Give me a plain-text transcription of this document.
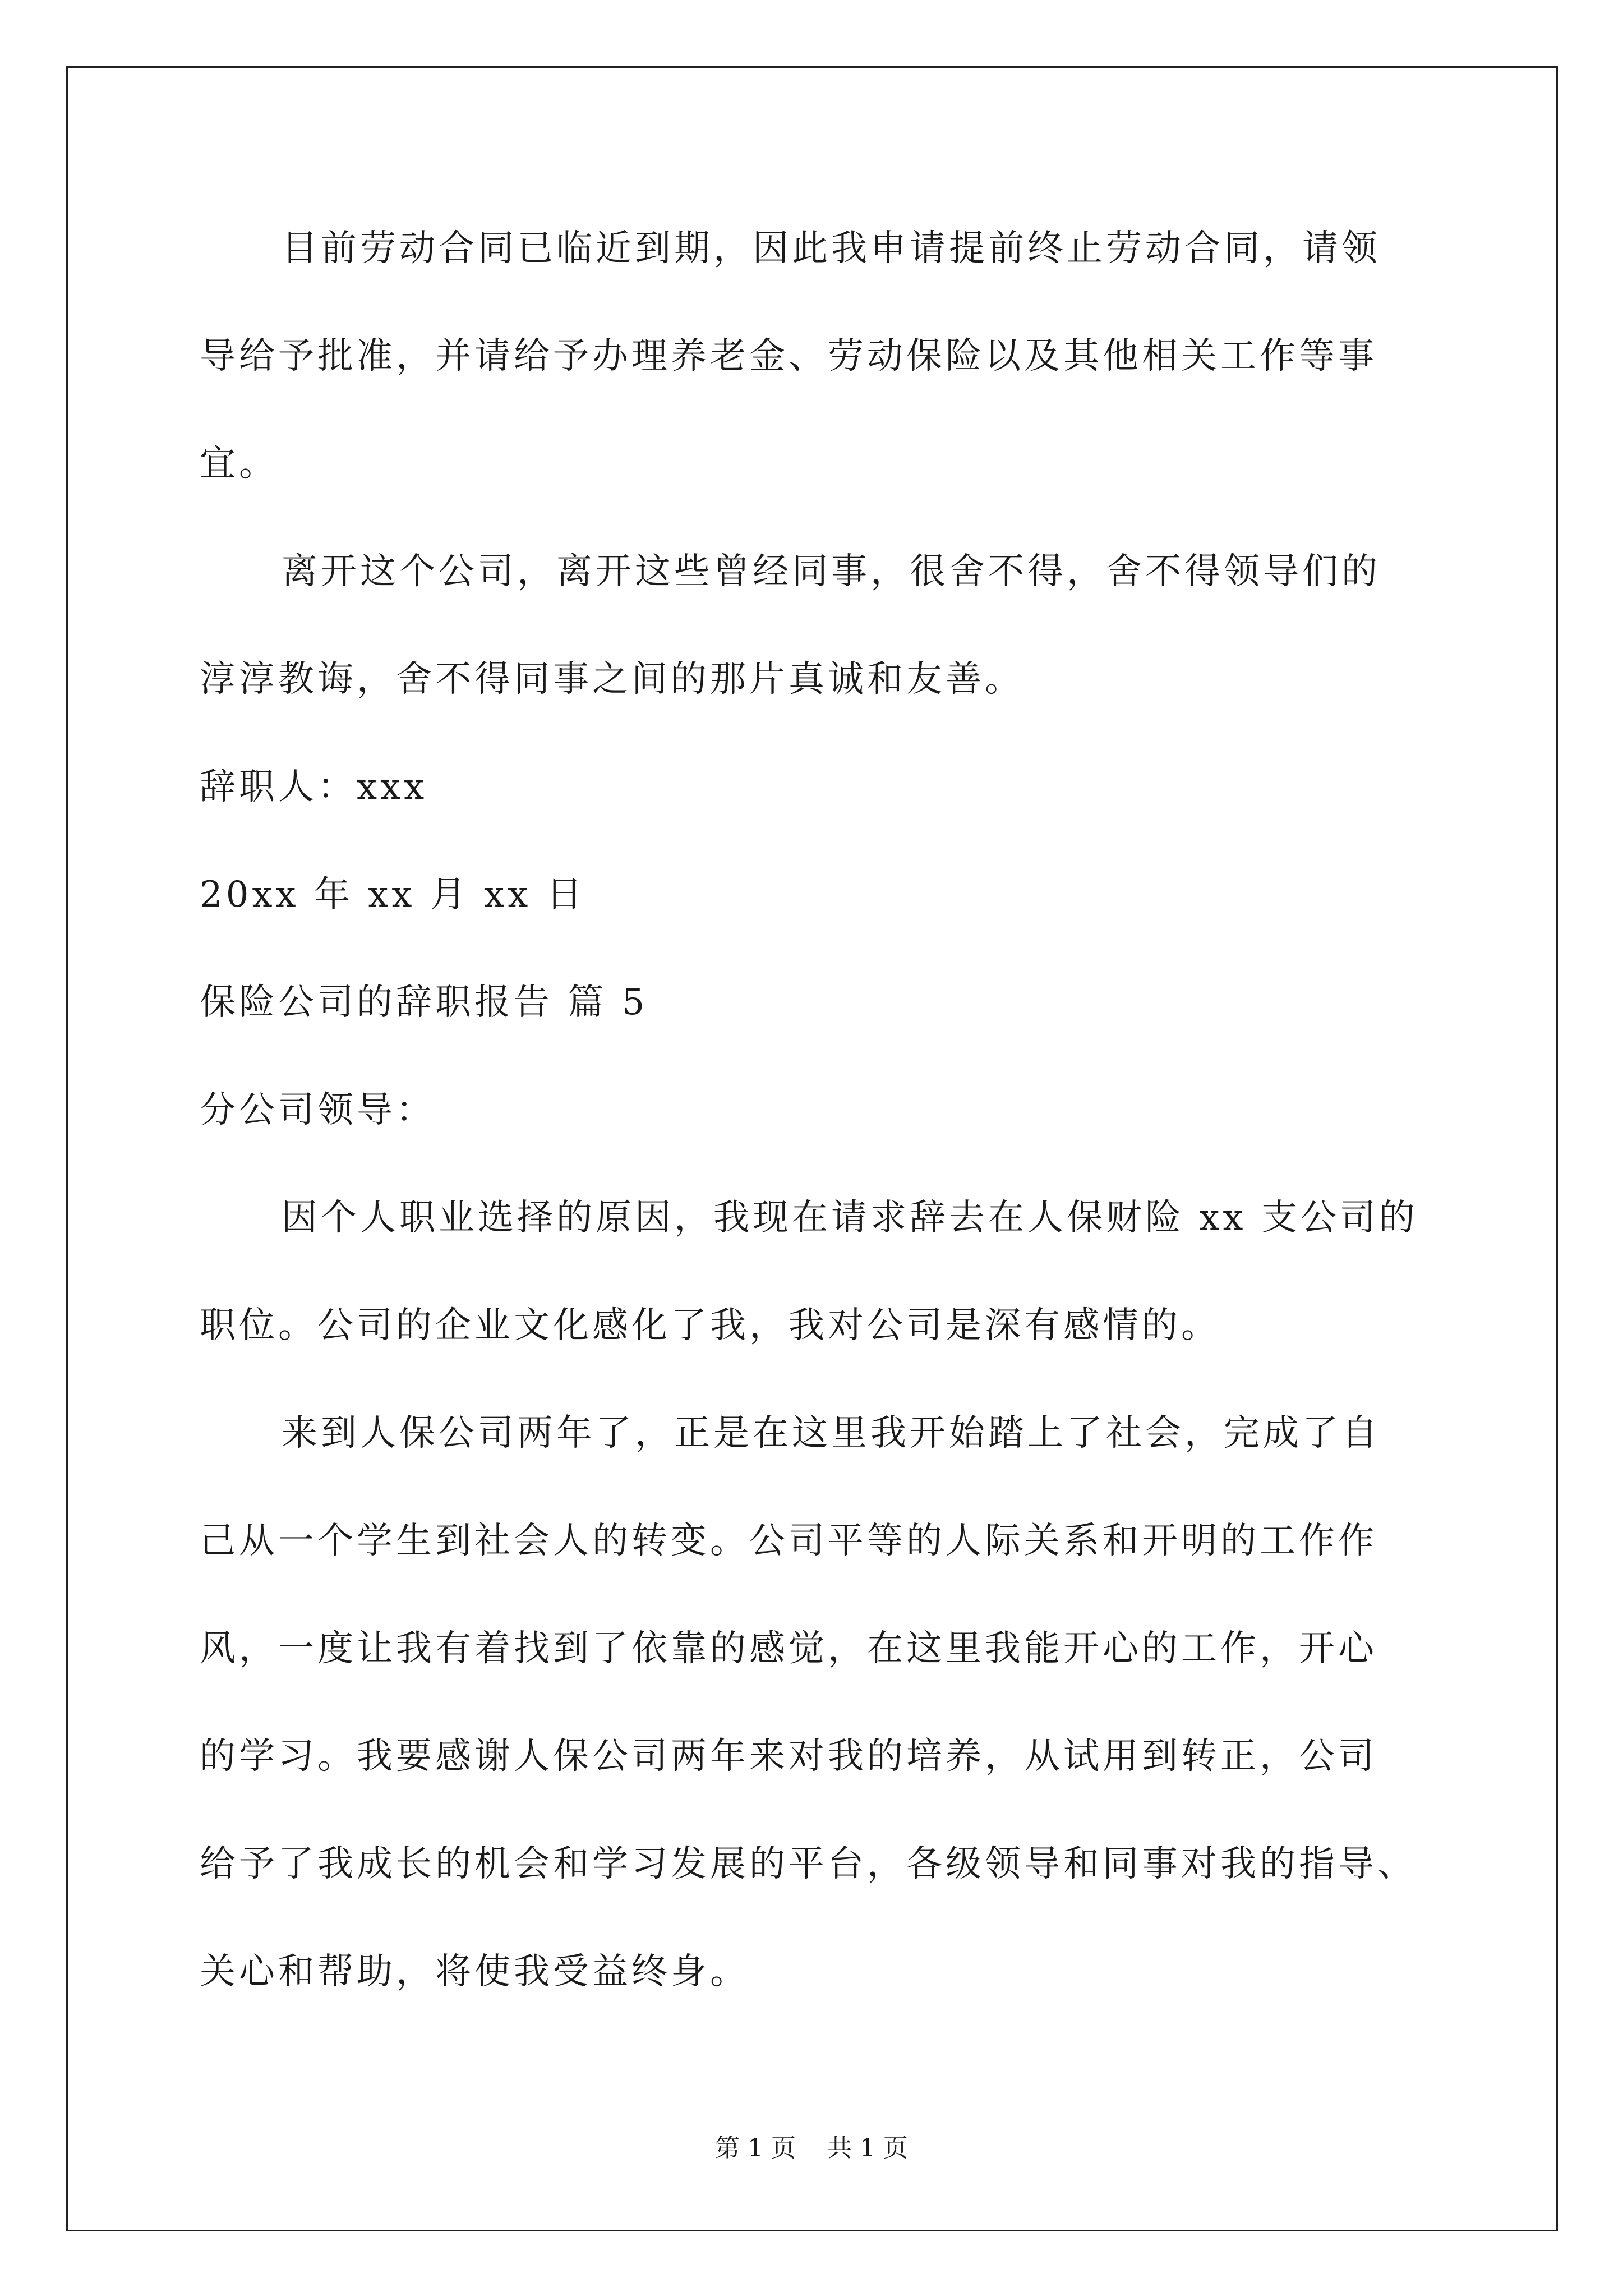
目前劳动合同已临近到期，因此我申请提前终止劳动合同，请领
导给予批准，并请给予办理养老金、劳动保险以及其他相关工作等事
宜。
离开这个公司，离开这些曾经同事，很舍不得，舍不得领导们的
淳淳教诲，舍不得同事之间的那片真诚和友善。
辞职人：xxx
20xx 年 xx 月 xx 日
保险公司的辞职报告 篇 5
分公司领导：
因个人职业选择的原因，我现在请求辞去在人保财险 xx 支公司的
职位。公司的企业文化感化了我，我对公司是深有感情的。
来到人保公司两年了，正是在这里我开始踏上了社会，完成了自
己从一个学生到社会人的转变。公司平等的人际关系和开明的工作作
风，一度让我有着找到了依靠的感觉，在这里我能开心的工作，开心
的学习。我要感谢人保公司两年来对我的培养，从试用到转正，公司
给予了我成长的机会和学习发展的平台，各级领导和同事对我的指导、
关心和帮助，将使我受益终身。
第 1 页    共 1 页
